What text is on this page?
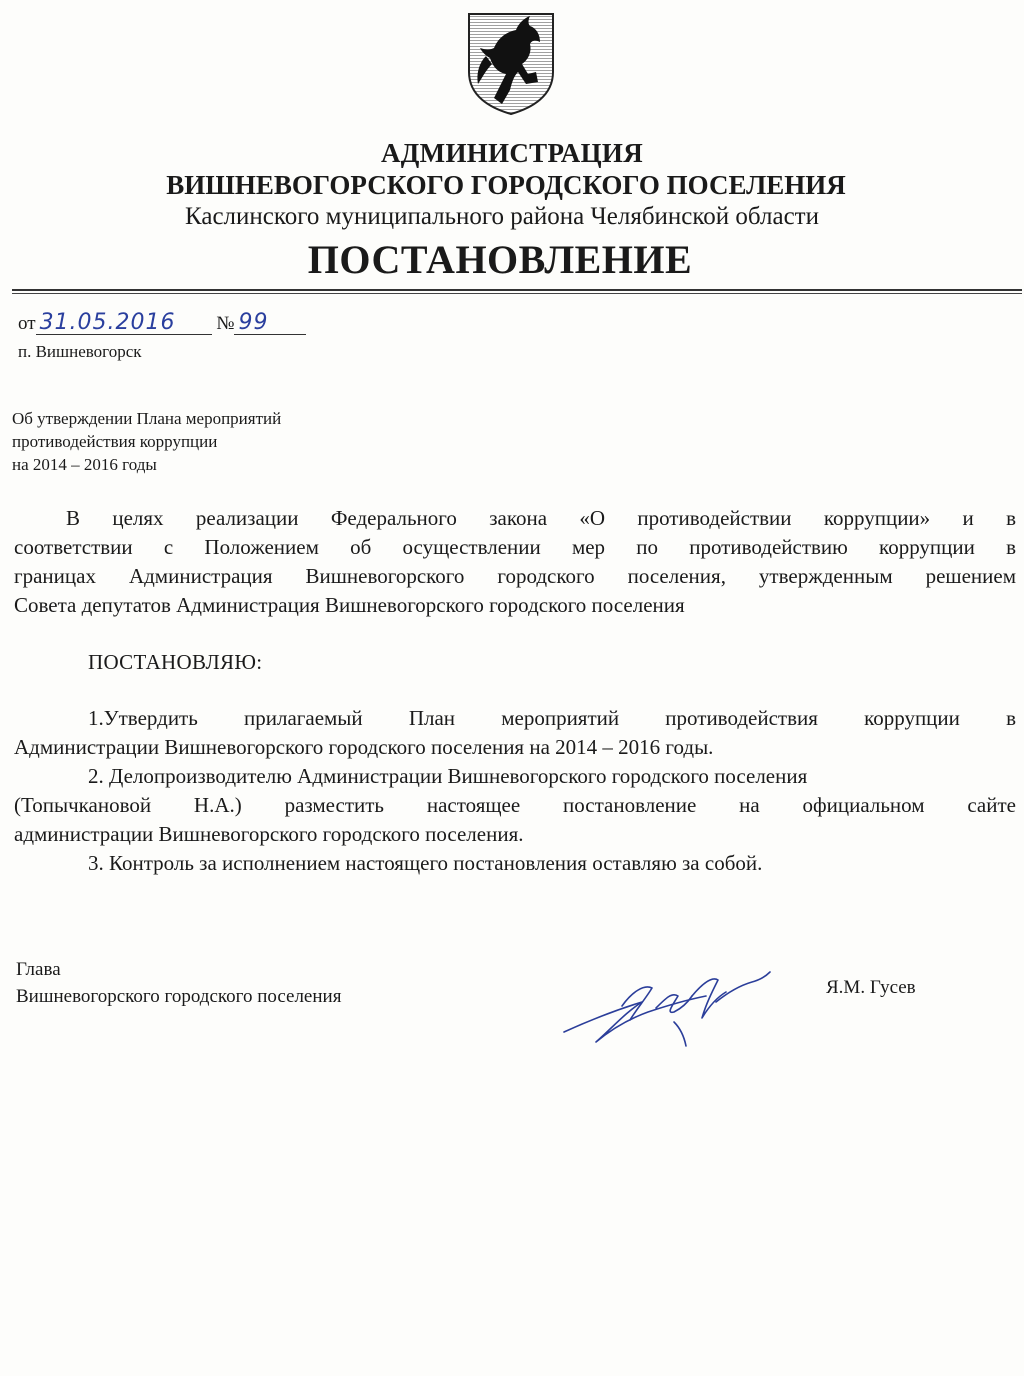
АДМИНИСТРАЦИЯ
ВИШНЕВОГОРСКОГО ГОРОДСКОГО ПОСЕЛЕНИЯ
Каслинского муниципального района Челябинской области
ПОСТАНОВЛЕНИЕ
от 31.05.2016 № 99
п. Вишневогорск
Об утверждении Плана мероприятий
противодействия коррупции
на 2014 – 2016 годы
В целях реализации Федерального закона «О противодействии коррупции» и в
соответствии с Положением об осуществлении мер по противодействию коррупции в
границах Администрация Вишневогорского городского поселения, утвержденным решением
Совета депутатов Администрация Вишневогорского городского поселения
ПОСТАНОВЛЯЮ:
1.Утвердить прилагаемый План мероприятий противодействия коррупции в
Администрации Вишневогорского городского поселения на 2014 – 2016 годы.
2. Делопроизводителю Администрации Вишневогорского городского поселения
(Топычкановой Н.А.) разместить настоящее постановление на официальном сайте
администрации Вишневогорского городского поселения.
3. Контроль за исполнением настоящего постановления оставляю за собой.
Глава
Вишневогорского городского поселения	Я.М. Гусев
